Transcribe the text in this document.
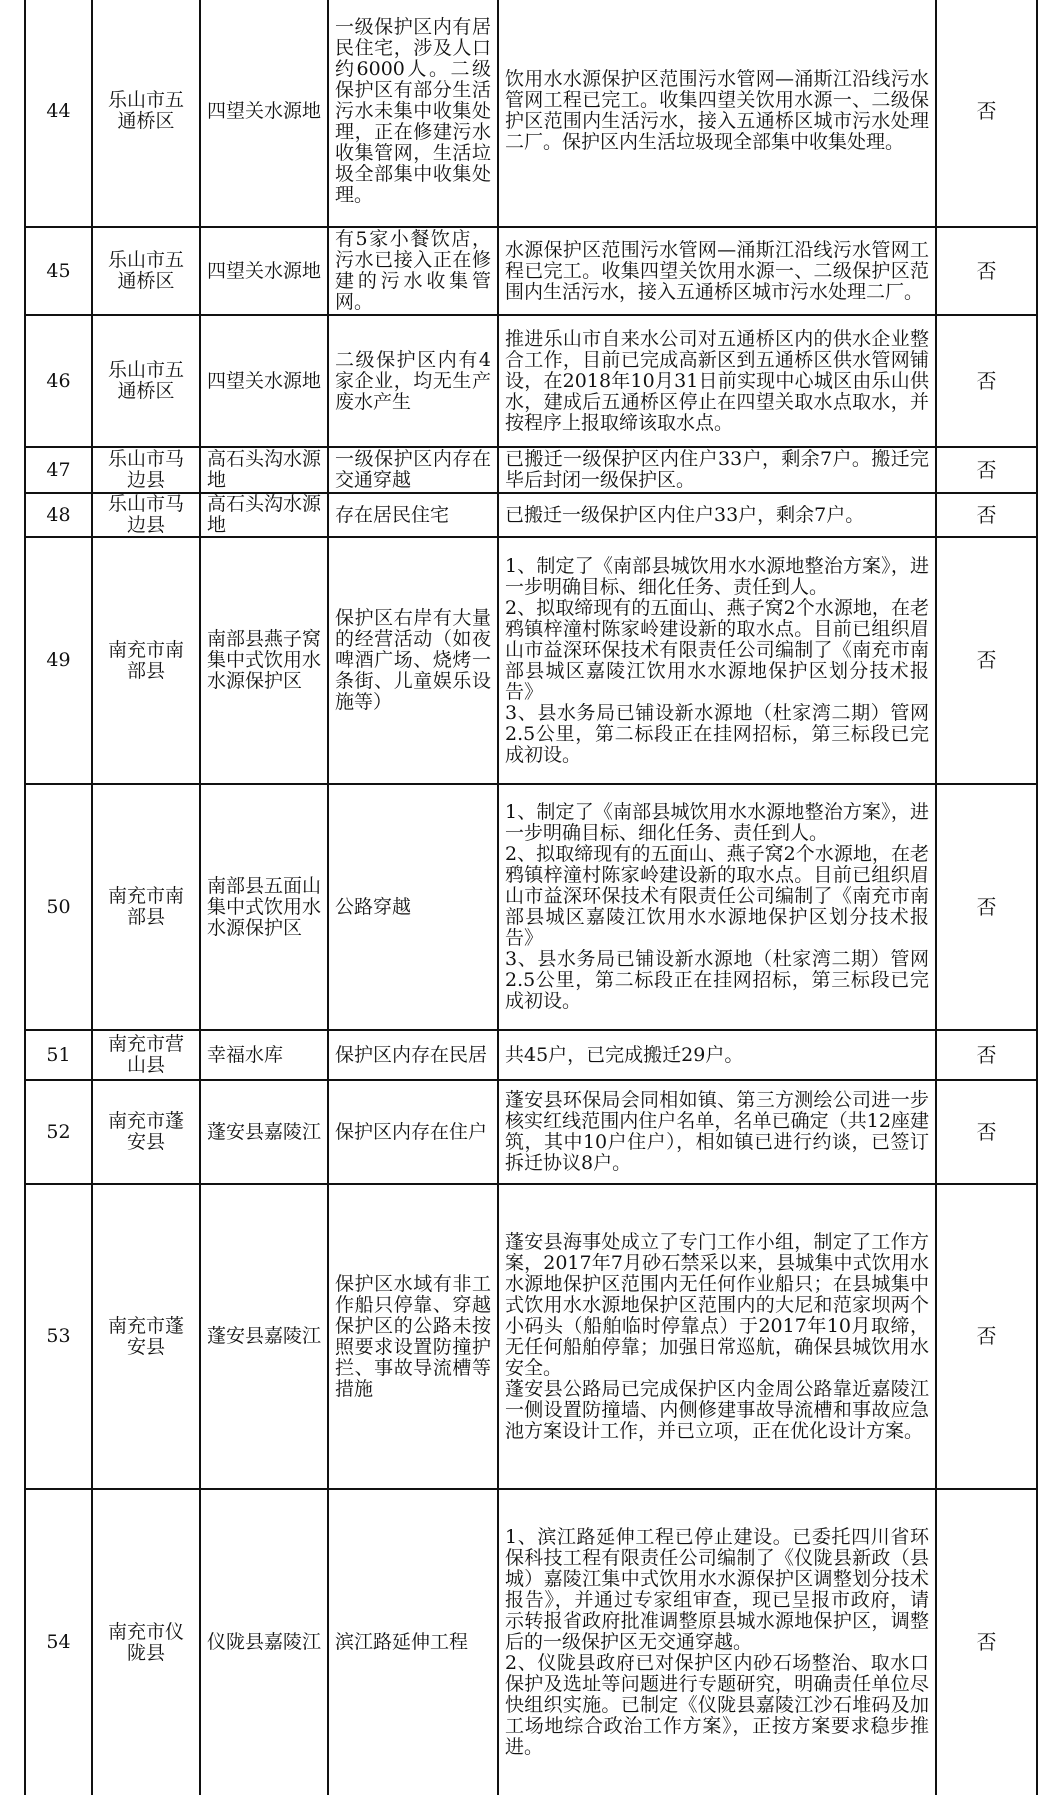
44	乐山市五通桥区	四望关水源地	一级保护区内有居民住宅，涉及人口约6000人。二级保护区有部分生活污水未集中收集处理，正在修建污水收集管网，生活垃圾全部集中收集处理。	饮用水水源保护区范围污水管网—涌斯江沿线污水管网工程已完工。收集四望关饮用水源一、二级保护区范围内生活污水，接入五通桥区城市污水处理二厂。保护区内生活垃圾现全部集中收集处理。	否
45	乐山市五通桥区	四望关水源地	有5家小餐饮店，污水已接入正在修建的污水收集管网。	水源保护区范围污水管网—涌斯江沿线污水管网工程已完工。收集四望关饮用水源一、二级保护区范围内生活污水，接入五通桥区城市污水处理二厂。	否
46	乐山市五通桥区	四望关水源地	二级保护区内有4家企业，均无生产废水产生	推进乐山市自来水公司对五通桥区内的供水企业整合工作，目前已完成高新区到五通桥区供水管网铺设，在2018年10月31日前实现中心城区由乐山供水，建成后五通桥区停止在四望关取水点取水，并按程序上报取缔该取水点。	否
47	乐山市马边县	高石头沟水源地	一级保护区内存在交通穿越	已搬迁一级保护区内住户33户，剩余7户。搬迁完毕后封闭一级保护区。	否
48	乐山市马边县	高石头沟水源地	存在居民住宅	已搬迁一级保护区内住户33户，剩余7户。	否
49	南充市南部县	南部县燕子窝集中式饮用水水源保护区	保护区右岸有大量的经营活动（如夜啤酒广场、烧烤一条街、儿童娱乐设施等）	1、制定了《南部县城饮用水水源地整治方案》，进一步明确目标、细化任务、责任到人。
2、拟取缔现有的五面山、燕子窝2个水源地，在老鸦镇梓潼村陈家岭建设新的取水点。目前已组织眉山市益深环保技术有限责任公司编制了《南充市南部县城区嘉陵江饮用水水源地保护区划分技术报告》
3、县水务局已铺设新水源地（杜家湾二期）管网2.5公里，第二标段正在挂网招标，第三标段已完成初设。	否
50	南充市南部县	南部县五面山集中式饮用水水源保护区	公路穿越	1、制定了《南部县城饮用水水源地整治方案》，进一步明确目标、细化任务、责任到人。
2、拟取缔现有的五面山、燕子窝2个水源地，在老鸦镇梓潼村陈家岭建设新的取水点。目前已组织眉山市益深环保技术有限责任公司编制了《南充市南部县城区嘉陵江饮用水水源地保护区划分技术报告》
3、县水务局已铺设新水源地（杜家湾二期）管网2.5公里，第二标段正在挂网招标，第三标段已完成初设。	否
51	南充市营山县	幸福水库	保护区内存在民居	共45户，已完成搬迁29户。	否
52	南充市蓬安县	蓬安县嘉陵江	保护区内存在住户	蓬安县环保局会同相如镇、第三方测绘公司进一步核实红线范围内住户名单，名单已确定（共12座建筑，其中10户住户），相如镇已进行约谈，已签订拆迁协议8户。	否
53	南充市蓬安县	蓬安县嘉陵江	保护区水域有非工作船只停靠、穿越保护区的公路未按照要求设置防撞护拦、事故导流槽等措施	蓬安县海事处成立了专门工作小组，制定了工作方案，2017年7月砂石禁采以来，县城集中式饮用水水源地保护区范围内无任何作业船只；在县城集中式饮用水水源地保护区范围内的大尼和范家坝两个小码头（船舶临时停靠点）于2017年10月取缔，无任何船舶停靠；加强日常巡航，确保县城饮用水安全。
蓬安县公路局已完成保护区内金周公路靠近嘉陵江一侧设置防撞墙、内侧修建事故导流槽和事故应急池方案设计工作，并已立项，正在优化设计方案。	否
54	南充市仪陇县	仪陇县嘉陵江	滨江路延伸工程	1、滨江路延伸工程已停止建设。已委托四川省环保科技工程有限责任公司编制了《仪陇县新政（县城）嘉陵江集中式饮用水水源保护区调整划分技术报告》，并通过专家组审查，现已呈报市政府，请示转报省政府批准调整原县城水源地保护区，调整后的一级保护区无交通穿越。
2、仪陇县政府已对保护区内砂石场整治、取水口保护及选址等问题进行专题研究，明确责任单位尽快组织实施。已制定《仪陇县嘉陵江沙石堆码及加工场地综合政治工作方案》，正按方案要求稳步推进。	否
